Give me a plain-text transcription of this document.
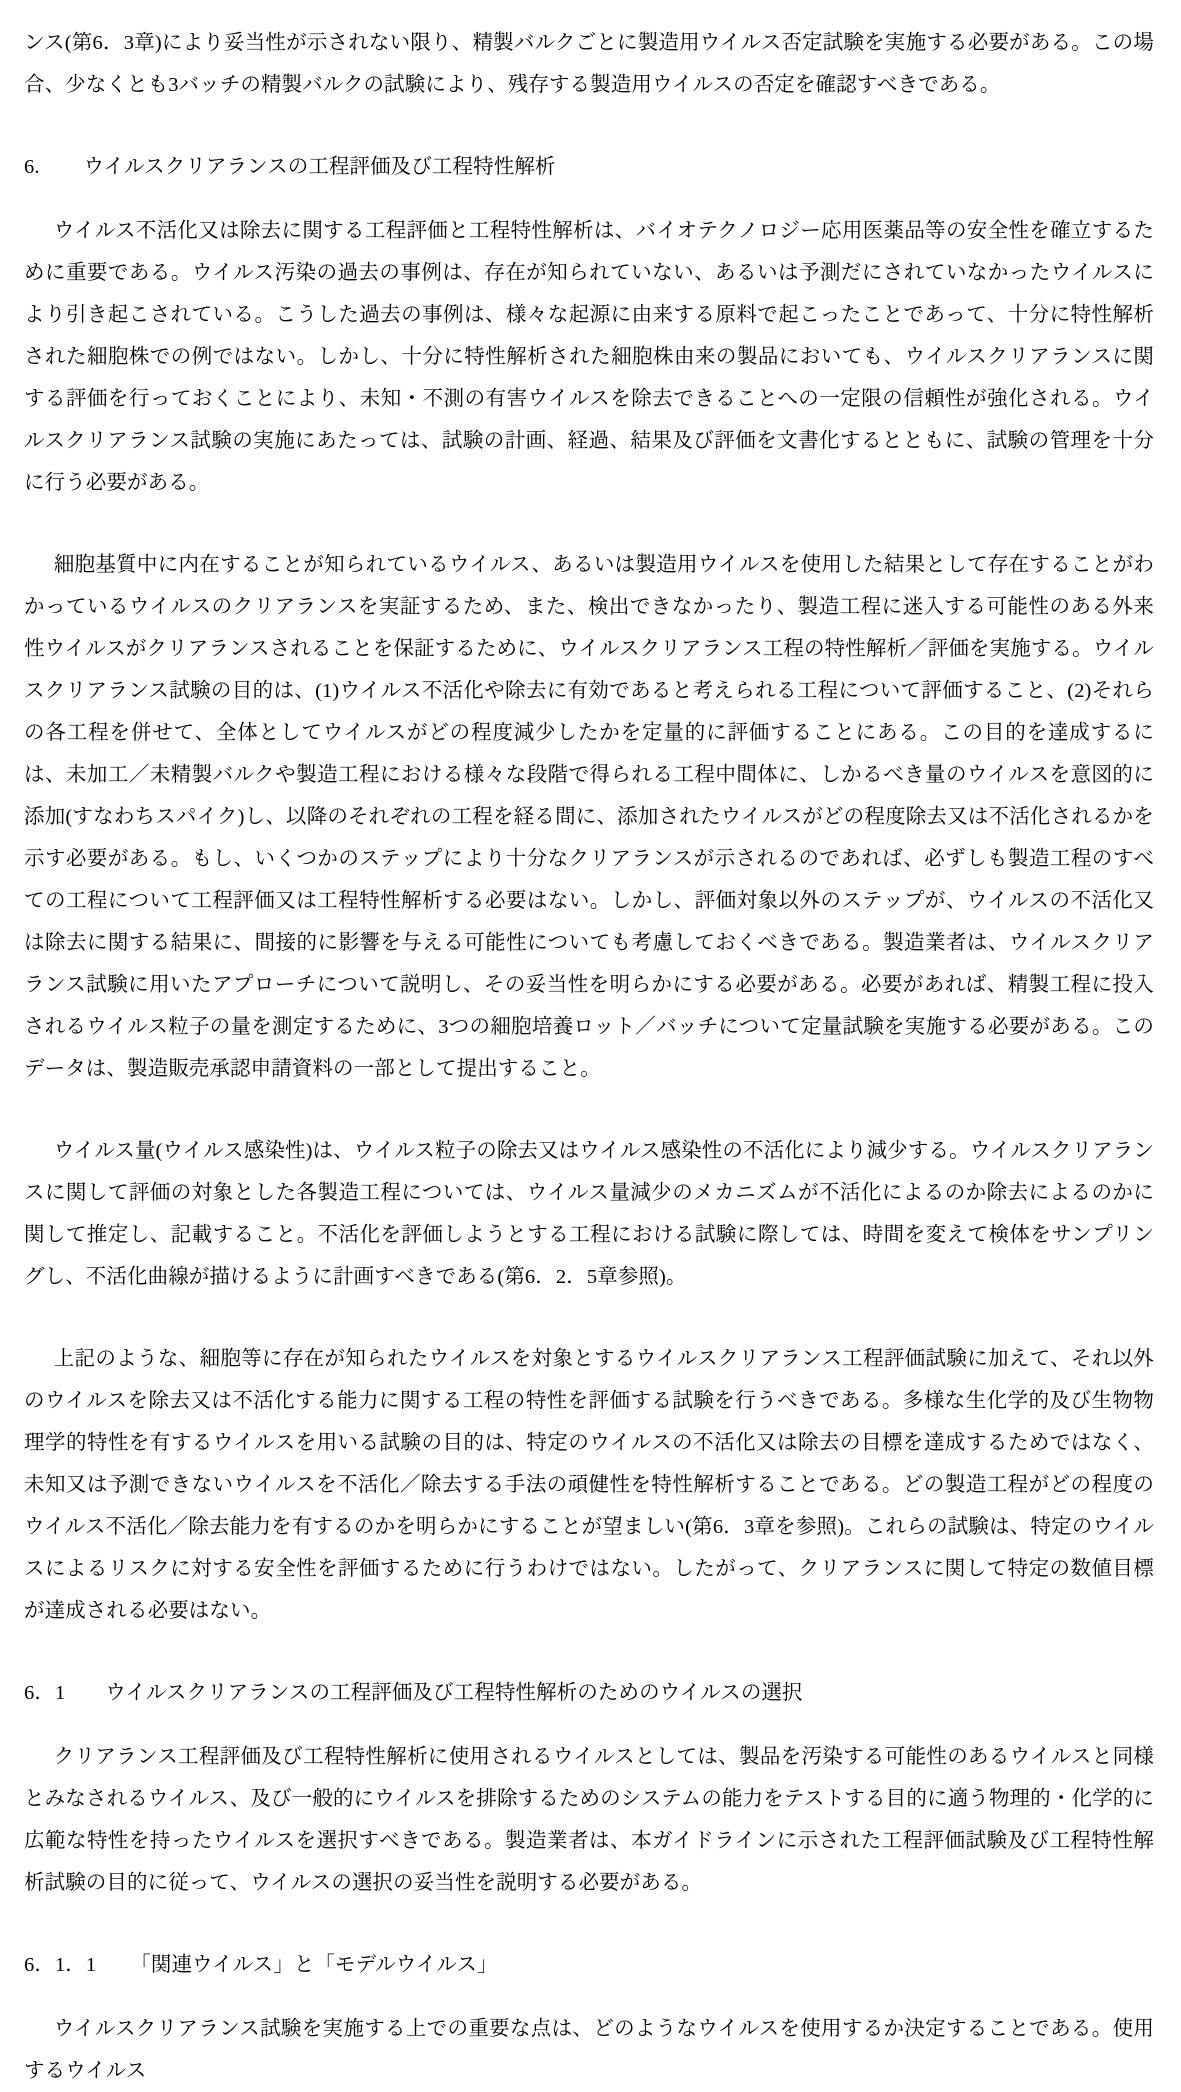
ンス(第6．3章)により妥当性が示されない限り、精製バルクごとに製造用ウイルス否定試験を実施する必要がある。この場合、少なくとも3バッチの精製バルクの試験により、残存する製造用ウイルスの否定を確認すべきである。

6. ウイルスクリアランスの工程評価及び工程特性解析

ウイルス不活化又は除去に関する工程評価と工程特性解析は、バイオテクノロジー応用医薬品等の安全性を確立するために重要である。ウイルス汚染の過去の事例は、存在が知られていない、あるいは予測だにされていなかったウイルスにより引き起こされている。こうした過去の事例は、様々な起源に由来する原料で起こったことであって、十分に特性解析された細胞株での例ではない。しかし、十分に特性解析された細胞株由来の製品においても、ウイルスクリアランスに関する評価を行っておくことにより、未知・不測の有害ウイルスを除去できることへの一定限の信頼性が強化される。ウイルスクリアランス試験の実施にあたっては、試験の計画、経過、結果及び評価を文書化するとともに、試験の管理を十分に行う必要がある。

細胞基質中に内在することが知られているウイルス、あるいは製造用ウイルスを使用した結果として存在することがわかっているウイルスのクリアランスを実証するため、また、検出できなかったり、製造工程に迷入する可能性のある外来性ウイルスがクリアランスされることを保証するために、ウイルスクリアランス工程の特性解析／評価を実施する。ウイルスクリアランス試験の目的は、(1)ウイルス不活化や除去に有効であると考えられる工程について評価すること、(2)それらの各工程を併せて、全体としてウイルスがどの程度減少したかを定量的に評価することにある。この目的を達成するには、未加工／未精製バルクや製造工程における様々な段階で得られる工程中間体に、しかるべき量のウイルスを意図的に添加(すなわちスパイク)し、以降のそれぞれの工程を経る間に、添加されたウイルスがどの程度除去又は不活化されるかを示す必要がある。もし、いくつかのステップにより十分なクリアランスが示されるのであれば、必ずしも製造工程のすべての工程について工程評価又は工程特性解析する必要はない。しかし、評価対象以外のステップが、ウイルスの不活化又は除去に関する結果に、間接的に影響を与える可能性についても考慮しておくべきである。製造業者は、ウイルスクリアランス試験に用いたアプローチについて説明し、その妥当性を明らかにする必要がある。必要があれば、精製工程に投入されるウイルス粒子の量を測定するために、3つの細胞培養ロット／バッチについて定量試験を実施する必要がある。このデータは、製造販売承認申請資料の一部として提出すること。

ウイルス量(ウイルス感染性)は、ウイルス粒子の除去又はウイルス感染性の不活化により減少する。ウイルスクリアランスに関して評価の対象とした各製造工程については、ウイルス量減少のメカニズムが不活化によるのか除去によるのかに関して推定し、記載すること。不活化を評価しようとする工程における試験に際しては、時間を変えて検体をサンプリングし、不活化曲線が描けるように計画すべきである(第6．2．5章参照)。

上記のような、細胞等に存在が知られたウイルスを対象とするウイルスクリアランス工程評価試験に加えて、それ以外のウイルスを除去又は不活化する能力に関する工程の特性を評価する試験を行うべきである。多様な生化学的及び生物物理学的特性を有するウイルスを用いる試験の目的は、特定のウイルスの不活化又は除去の目標を達成するためではなく、未知又は予測できないウイルスを不活化／除去する手法の頑健性を特性解析することである。どの製造工程がどの程度のウイルス不活化／除去能力を有するのかを明らかにすることが望ましい(第6．3章を参照)。これらの試験は、特定のウイルスによるリスクに対する安全性を評価するために行うわけではない。したがって、クリアランスに関して特定の数値目標が達成される必要はない。

6．1 ウイルスクリアランスの工程評価及び工程特性解析のためのウイルスの選択

クリアランス工程評価及び工程特性解析に使用されるウイルスとしては、製品を汚染する可能性のあるウイルスと同様とみなされるウイルス、及び一般的にウイルスを排除するためのシステムの能力をテストする目的に適う物理的・化学的に広範な特性を持ったウイルスを選択すべきである。製造業者は、本ガイドラインに示された工程評価試験及び工程特性解析試験の目的に従って、ウイルスの選択の妥当性を説明する必要がある。

6．1．1 「関連ウイルス」と「モデルウイルス」

ウイルスクリアランス試験を実施する上での重要な点は、どのようなウイルスを使用するか決定することである。使用するウイルス
